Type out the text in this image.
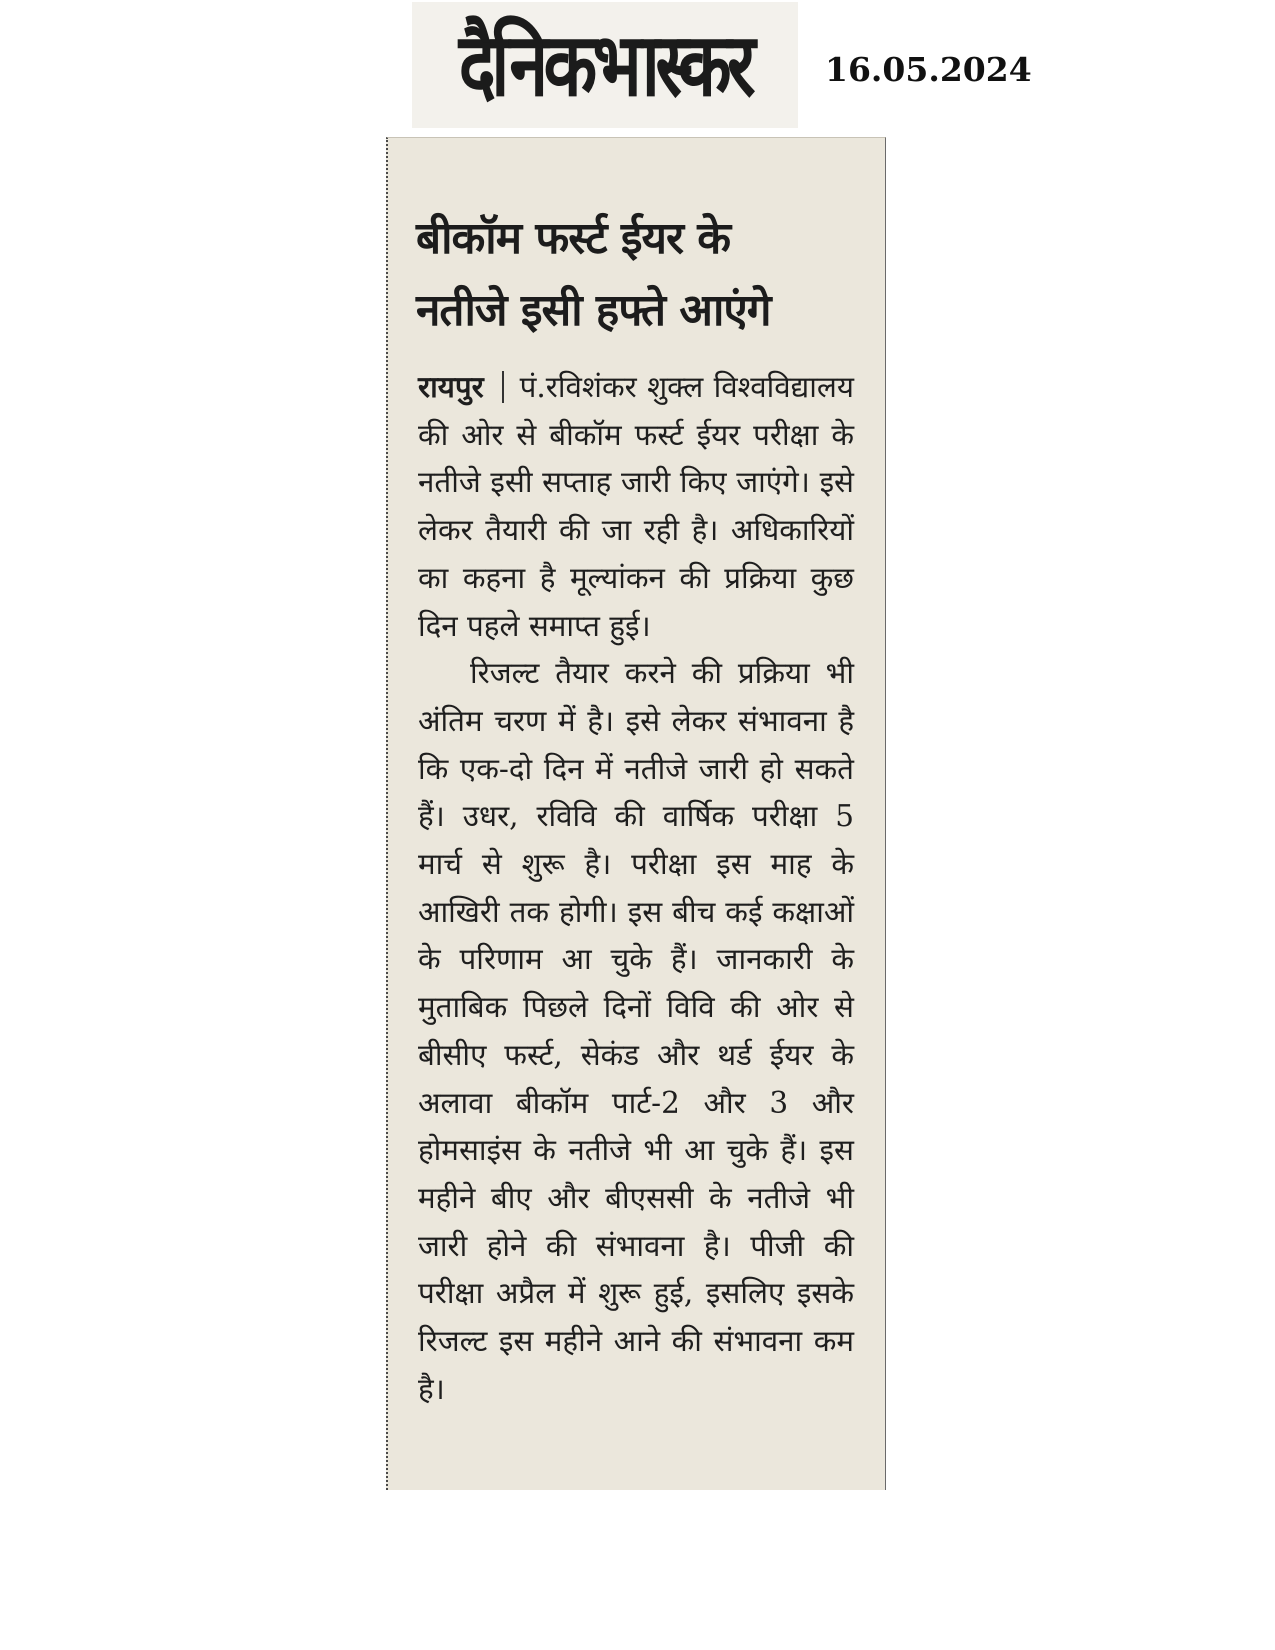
दैनिकभास्कर 16.05.2024
बीकॉम फर्स्ट ईयर के
नतीजे इसी हफ्ते आएंगे

रायपुर पं.रविशंकर शुक्ल विश्वविद्यालय की ओर से बीकॉम फर्स्ट ईयर परीक्षा के नतीजे इसी सप्ताह जारी किए जाएंगे। इसे लेकर तैयारी की जा रही है। अधिकारियों का कहना है मूल्यांकन की प्रक्रिया कुछ दिन पहले समाप्त हुई।

रिजल्ट तैयार करने की प्रक्रिया भी अंतिम चरण में है। इसे लेकर संभावना है कि एक-दो दिन में नतीजे जारी हो सकते हैं। उधर, रविवि की वार्षिक परीक्षा 5 मार्च से शुरू है। परीक्षा इस माह के आखिरी तक होगी। इस बीच कई कक्षाओं के परिणाम आ चुके हैं। जानकारी के मुताबिक पिछले दिनों विवि की ओर से बीसीए फर्स्ट, सेकंड और थर्ड ईयर के अलावा बीकॉम पार्ट-2 और 3 और होमसाइंस के नतीजे भी आ चुके हैं। इस महीने बीए और बीएससी के नतीजे भी जारी होने की संभावना है। पीजी की परीक्षा अप्रैल में शुरू हुई, इसलिए इसके रिजल्ट इस महीने आने की संभावना कम है।
